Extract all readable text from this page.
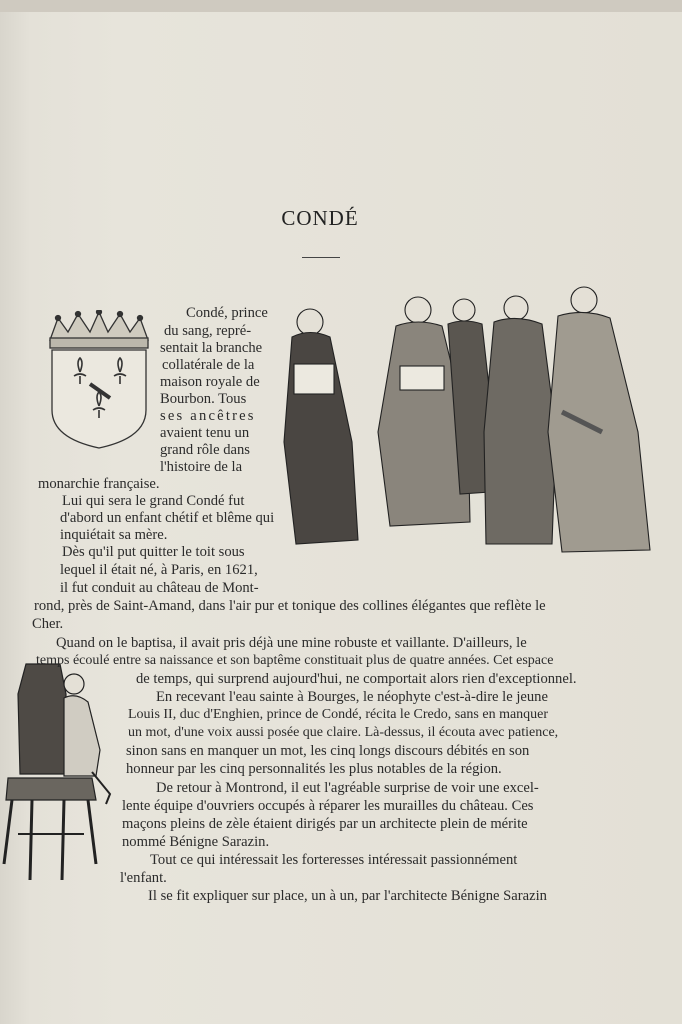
CONDÉ
Condé, prince
du sang, repré-
sentait la branche
collatérale de la
maison royale de
Bourbon. Tous
ses ancêtres
avaient tenu un
grand rôle dans
l'histoire de la
monarchie française.
Lui qui sera le grand Condé fut
d'abord un enfant chétif et blême qui
inquiétait sa mère.
Dès qu'il put quitter le toit sous
lequel il était né, à Paris, en 1621,
il fut conduit au château de Mont-
rond, près de Saint-Amand, dans l'air pur et tonique des collines élégantes que reflète le
Cher.
Quand on le baptisa, il avait pris déjà une mine robuste et vaillante. D'ailleurs, le
temps écoulé entre sa naissance et son baptême constituait plus de quatre années. Cet espace
de temps, qui surprend aujourd'hui, ne comportait alors rien d'exceptionnel.
En recevant l'eau sainte à Bourges, le néophyte c'est-à-dire le jeune
Louis II, duc d'Enghien, prince de Condé, récita le Credo, sans en manquer
un mot, d'une voix aussi posée que claire. Là-dessus, il écouta avec patience,
sinon sans en manquer un mot, les cinq longs discours débités en son
honneur par les cinq personnalités les plus notables de la région.
De retour à Montrond, il eut l'agréable surprise de voir une excel-
lente équipe d'ouvriers occupés à réparer les murailles du château. Ces
maçons pleins de zèle étaient dirigés par un architecte plein de mérite
nommé Bénigne Sarazin.
Tout ce qui intéressait les forteresses intéressait passionnément
l'enfant.
Il se fit expliquer sur place, un à un, par l'architecte Bénigne Sarazin
